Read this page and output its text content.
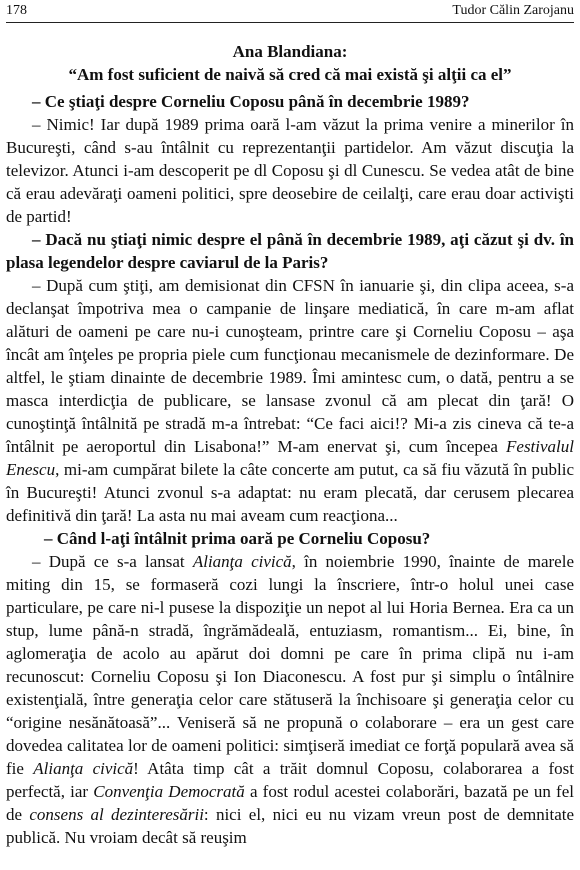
178	Tudor Călin Zarojanu
Ana Blandiana:
“Am fost suficient de naivă să cred că mai există şi alţii ca el”

– Ce ştiaţi despre Corneliu Coposu până în decembrie 1989?

– Nimic! Iar după 1989 prima oară l-am văzut la prima venire a minerilor în Bucureşti, când s-au întâlnit cu reprezentanţii partidelor. Am văzut discuţia la televizor. Atunci i-am descoperit pe dl Coposu şi dl Cunescu. Se vedea atât de bine că erau adevăraţi oameni politici, spre deosebire de ceilalţi, care erau doar activişti de partid!

– Dacă nu ştiaţi nimic despre el până în decembrie 1989, aţi căzut şi dv. în plasa legendelor despre caviarul de la Paris?

– După cum ştiţi, am demisionat din CFSN în ianuarie şi, din clipa aceea, s-a declanşat împotriva mea o campanie de linşare mediatică, în care m-am aflat alături de oameni pe care nu-i cunoşteam, printre care şi Corneliu Coposu – aşa încât am înţeles pe propria piele cum funcţionau mecanismele de dezinformare. De altfel, le ştiam dinainte de decembrie 1989. Îmi amintesc cum, o dată, pentru a se masca interdicţia de publicare, se lansase zvonul că am plecat din ţară! O cunoştinţă întâlnită pe stradă m-a întrebat: “Ce faci aici!? Mi-a zis cineva că te-a întâlnit pe aeroportul din Lisabona!” M-am enervat şi, cum începea Festivalul Enescu, mi-am cumpărat bilete la câte concerte am putut, ca să fiu văzută în public în Bucureşti! Atunci zvonul s-a adaptat: nu eram plecată, dar cerusem plecarea definitivă din ţară! La asta nu mai aveam cum reacţiona...

– Când l-aţi întâlnit prima oară pe Corneliu Coposu?

– După ce s-a lansat Alianţa civică, în noiembrie 1990, înainte de marele miting din 15, se formaseră cozi lungi la înscriere, într-o holul unei case particulare, pe care ni-l pusese la dispoziţie un nepot al lui Horia Bernea. Era ca un stup, lume până-n stradă, îngrămădeală, entuziasm, romantism... Ei, bine, în aglomeraţia de acolo au apărut doi domni pe care în prima clipă nu i-am recunoscut: Corneliu Coposu şi Ion Diaconescu. A fost pur şi simplu o întâlnire existenţială, între generaţia celor care stătuseră la închisoare şi generaţia celor cu “origine nesănătoasă”... Veniseră să ne propună o colaborare – era un gest care dovedea calitatea lor de oameni politici: simţiseră imediat ce forţă populară avea să fie Alianţa civică! Atâta timp cât a trăit domnul Coposu, colaborarea a fost perfectă, iar Convenţia Democrată a fost rodul acestei colaborări, bazată pe un fel de consens al dezinteresării: nici el, nici eu nu vizam vreun post de demnitate publică. Nu vroiam decât să reuşim
